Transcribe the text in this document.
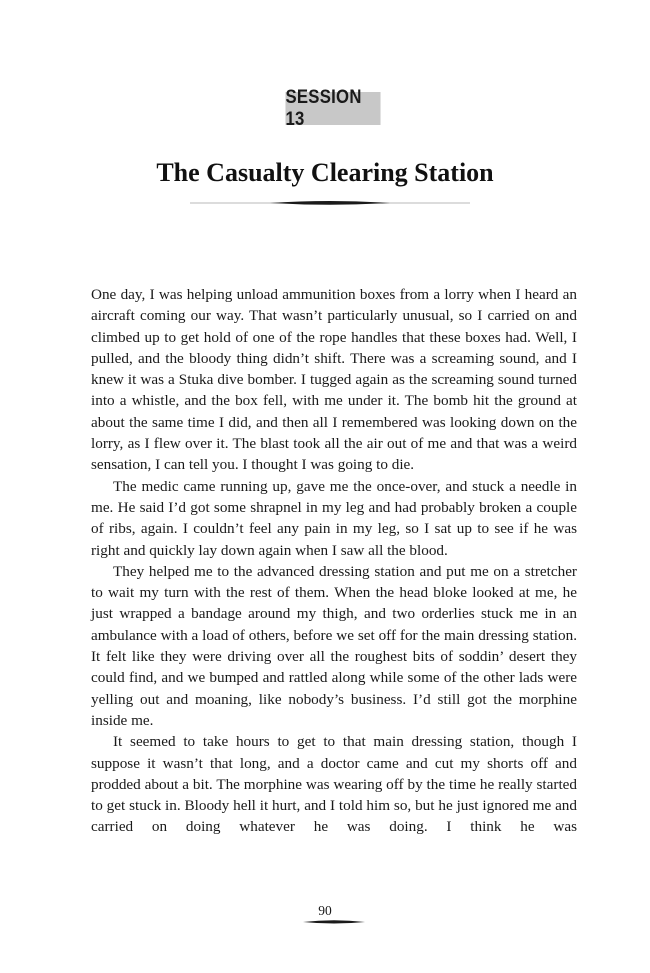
SESSION 13
The Casualty Clearing Station

One day, I was helping unload ammunition boxes from a lorry when I heard an aircraft coming our way. That wasn’t particularly unusual, so I carried on and climbed up to get hold of one of the rope handles that these boxes had. Well, I pulled, and the bloody thing didn’t shift. There was a screaming sound, and I knew it was a Stuka dive bomber. I tugged again as the screaming sound turned into a whistle, and the box fell, with me under it. The bomb hit the ground at about the same time I did, and then all I remembered was looking down on the lorry, as I flew over it. The blast took all the air out of me and that was a weird sensation, I can tell you. I thought I was going to die.

The medic came running up, gave me the once-over, and stuck a needle in me. He said I’d got some shrapnel in my leg and had probably broken a couple of ribs, again. I couldn’t feel any pain in my leg, so I sat up to see if he was right and quickly lay down again when I saw all the blood.

They helped me to the advanced dressing station and put me on a stretcher to wait my turn with the rest of them. When the head bloke looked at me, he just wrapped a bandage around my thigh, and two orderlies stuck me in an ambulance with a load of others, before we set off for the main dressing station. It felt like they were driving over all the roughest bits of soddin’ desert they could find, and we bumped and rattled along while some of the other lads were yelling out and moaning, like nobody’s business. I’d still got the morphine inside me.

It seemed to take hours to get to that main dressing station, though I suppose it wasn’t that long, and a doctor came and cut my shorts off and prodded about a bit. The morphine was wearing off by the time he really started to get stuck in. Bloody hell it hurt, and I told him so, but he just ignored me and carried on doing whatever he was doing. I think he was

90
